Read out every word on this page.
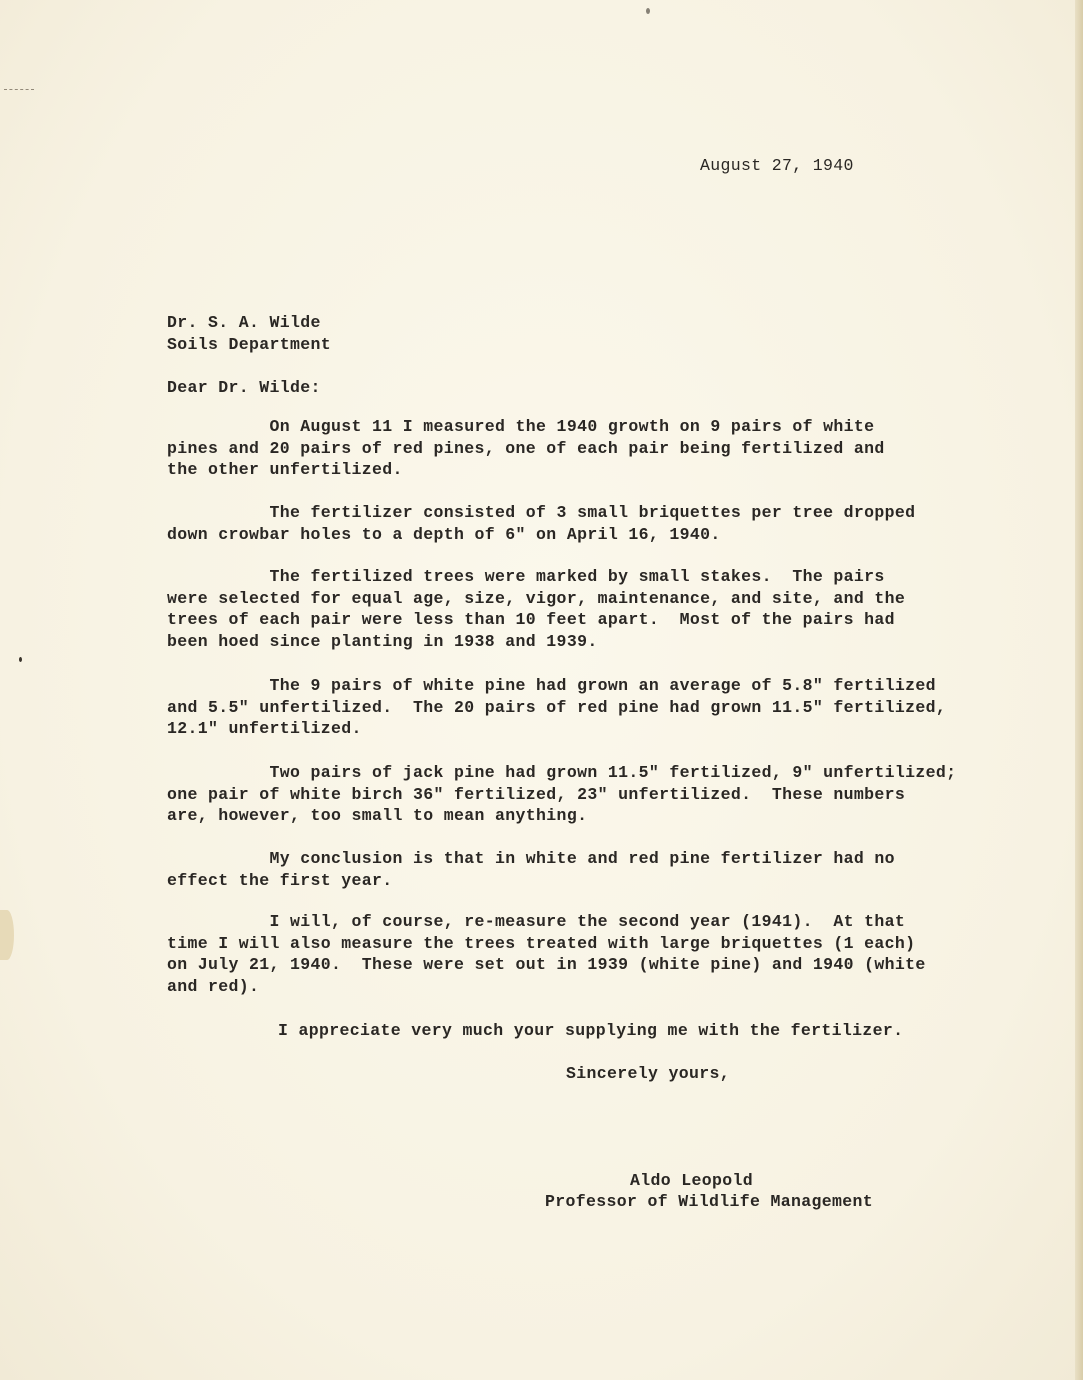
August 27, 1940

Dr. S. A. Wilde

Soils Department

Dear Dr. Wilde:

On August 11 I measured the 1940 growth on 9 pairs of white
pines and 20 pairs of red pines, one of each pair being fertilized and
the other unfertilized.

The fertilizer consisted of 3 small briquettes per tree dropped
down crowbar holes to a depth of 6" on April 16, 1940.

The fertilized trees were marked by small stakes.  The pairs
were selected for equal age, size, vigor, maintenance, and site, and the
trees of each pair were less than 10 feet apart.  Most of the pairs had
been hoed since planting in 1938 and 1939.

The 9 pairs of white pine had grown an average of 5.8" fertilized
and 5.5" unfertilized.  The 20 pairs of red pine had grown 11.5" fertilized,
12.1" unfertilized.

Two pairs of jack pine had grown 11.5" fertilized, 9" unfertilized;
one pair of white birch 36" fertilized, 23" unfertilized.  These numbers
are, however, too small to mean anything.

My conclusion is that in white and red pine fertilizer had no
effect the first year.

I will, of course, re-measure the second year (1941).  At that
time I will also measure the trees treated with large briquettes (1 each)
on July 21, 1940.  These were set out in 1939 (white pine) and 1940 (white
and red).

I appreciate very much your supplying me with the fertilizer.

Sincerely yours,

Aldo Leopold

Professor of Wildlife Management
